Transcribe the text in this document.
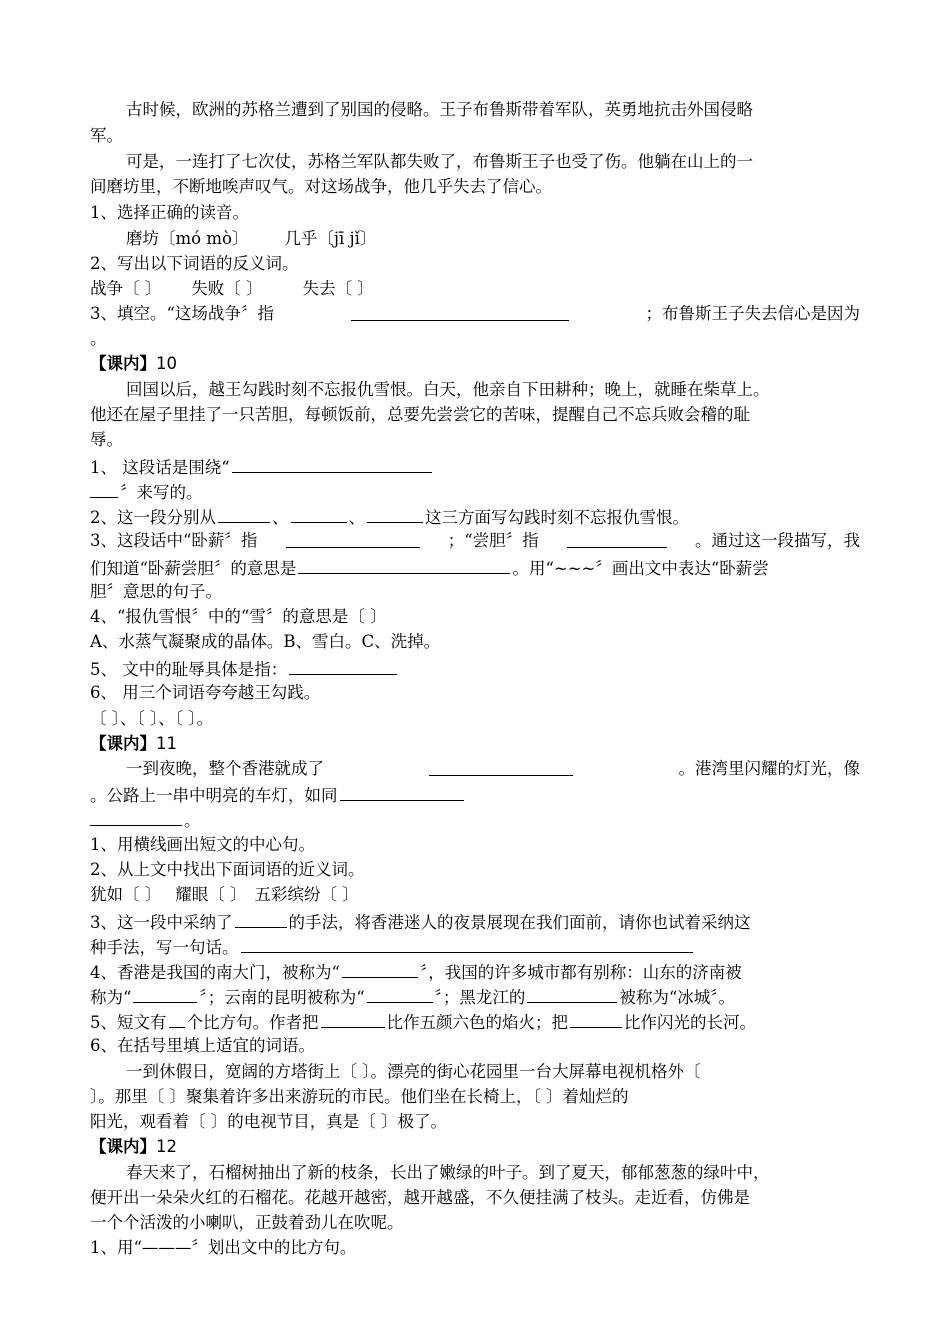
古时候，欧洲的苏格兰遭到了别国的侵略。王子布鲁斯带着军队，英勇地抗击外国侵略
军。
可是，一连打了七次仗，苏格兰军队都失败了，布鲁斯王子也受了伤。他躺在山上的一
间磨坊里，不断地唉声叹气。对这场战争，他几乎失去了信心。
1、选择正确的读音。
磨坊〔mó mò〕 几乎〔jī jǐ〕
2、写出以下词语的反义词。
战争〔 〕 失败〔 〕 失去〔 〕
3、填空。“这场战争〞指	；布鲁斯王子失去信心是因为
。
【课内】10
回国以后，越王勾践时刻不忘报仇雪恨。白天，他亲自下田耕种；晚上，就睡在柴草上。
他还在屋子里挂了一只苦胆，每顿饭前，总要先尝尝它的苦味，提醒自己不忘兵败会稽的耻
辱。
1、 这段话是围绕“
〞来写的。
2、这一段分别从	、	、	这三方面写勾践时刻不忘报仇雪恨。
3、这段话中“卧薪〞指	；“尝胆〞指	。通过这一段描写，我
们知道“卧薪尝胆〞的意思是	。用“~~~〞画出文中表达“卧薪尝
胆〞意思的句子。
4、“报仇雪恨〞中的“雪〞的意思是〔 〕
A、水蒸气凝聚成的晶体。B、雪白。C、洗掉。
5、 文中的耻辱具体是指：
6、 用三个词语夸夸越王勾践。
〔 〕、〔 〕、〔 〕。
【课内】11
一到夜晚，整个香港就成了	。港湾里闪耀的灯光，像
。公路上一串中明亮的车灯，如同
。
1、用横线画出短文的中心句。
2、从上文中找出下面词语的近义词。
犹如〔 〕 耀眼〔 〕 五彩缤纷〔 〕
3、这一段中采纳了	的手法，将香港迷人的夜景展现在我们面前，请你也试着采纳这
种手法，写一句话。
4、香港是我国的南大门，被称为“	〞，我国的许多城市都有别称：山东的济南被
称为“	〞；云南的昆明被称为“	〞；黑龙江的	被称为“冰城〞。
5、短文有 个比方句。作者把	比作五颜六色的焰火；把	比作闪光的长河。
6、在括号里填上适宜的词语。
一到休假日，宽阔的方塔街上〔 〕。漂亮的街心花园里一台大屏幕电视机格外〔
〕。那里〔 〕聚集着许多出来游玩的市民。他们坐在长椅上，〔 〕着灿烂的
阳光，观看着〔 〕的电视节目，真是〔 〕极了。
【课内】12
春天来了，石榴树抽出了新的枝条，长出了嫩绿的叶子。到了夏天，郁郁葱葱的绿叶中，
便开出一朵朵火红的石榴花。花越开越密，越开越盛，不久便挂满了枝头。走近看，仿佛是
一个个活泼的小喇叭，正鼓着劲儿在吹呢。
1、用“———〞划出文中的比方句。
